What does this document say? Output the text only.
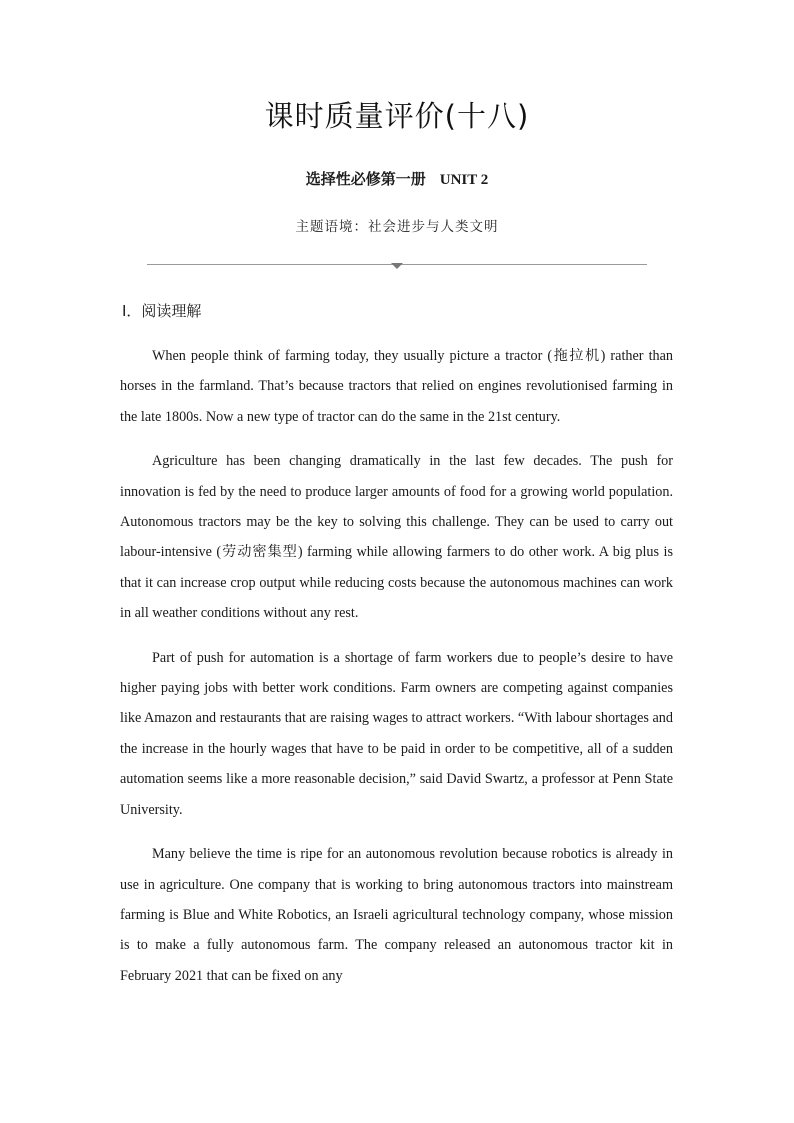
课时质量评价(十八)
选择性必修第一册 UNIT 2
主题语境：社会进步与人类文明
Ⅰ．阅读理解

When people think of farming today, they usually picture a tractor (拖拉机) rather than horses in the farmland. That’s because tractors that relied on engines revolutionised farming in the late 1800s. Now a new type of tractor can do the same in the 21st century.

Agriculture has been changing dramatically in the last few decades. The push for innovation is fed by the need to produce larger amounts of food for a growing world population. Autonomous tractors may be the key to solving this challenge. They can be used to carry out labour-intensive (劳动密集型) farming while allowing farmers to do other work. A big plus is that it can increase crop output while reducing costs because the autonomous machines can work in all weather conditions without any rest.

Part of push for automation is a shortage of farm workers due to people’s desire to have higher paying jobs with better work conditions. Farm owners are competing against companies like Amazon and restaurants that are raising wages to attract workers. “With labour shortages and the increase in the hourly wages that have to be paid in order to be competitive, all of a sudden automation seems like a more reasonable decision,” said David Swartz, a professor at Penn State University.

Many believe the time is ripe for an autonomous revolution because robotics is already in use in agriculture. One company that is working to bring autonomous tractors into mainstream farming is Blue and White Robotics, an Israeli agricultural technology company, whose mission is to make a fully autonomous farm. The company released an autonomous tractor kit in February 2021 that can be fixed on any
